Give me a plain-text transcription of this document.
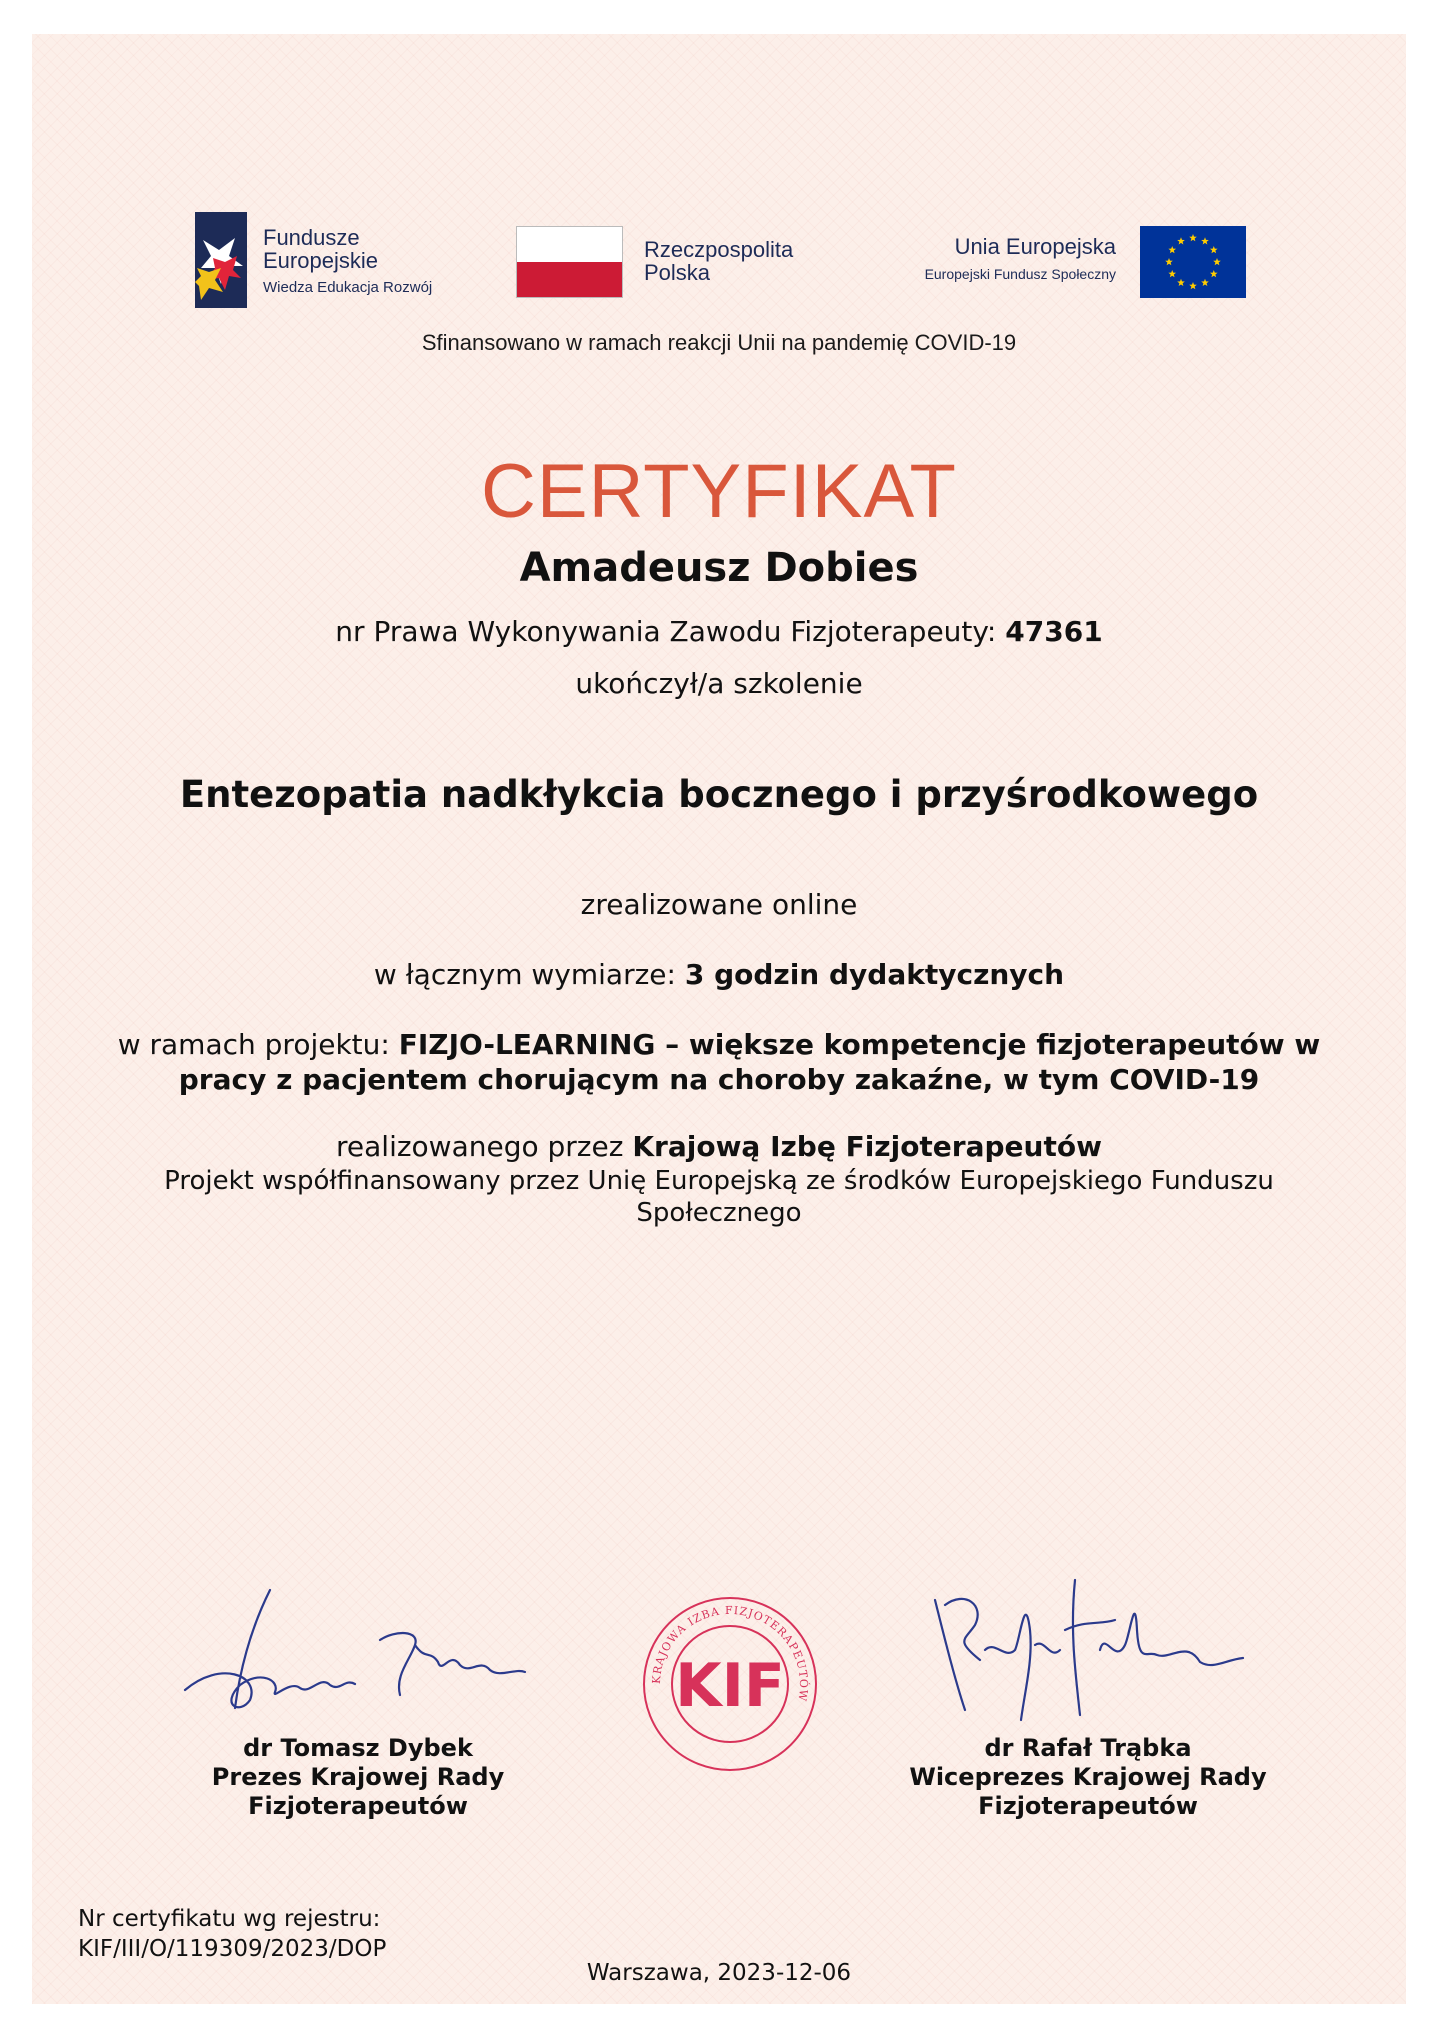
Fundusze
Europejskie
Wiedza Edukacja Rozwój
Rzeczpospolita
Polska
Unia Europejska
Europejski Fundusz Społeczny
Sfinansowano w ramach reakcji Unii na pandemię COVID-19
CERTYFIKAT
Amadeusz Dobies
nr Prawa Wykonywania Zawodu Fizjoterapeuty: 47361
ukończył/a szkolenie
Entezopatia nadkłykcia bocznego i przyśrodkowego
zrealizowane online
w łącznym wymiarze: 3 godzin dydaktycznych
w ramach projektu: FIZJO-LEARNING – większe kompetencje fizjoterapeutów w
pracy z pacjentem chorującym na choroby zakaźne, w tym COVID-19
realizowanego przez Krajową Izbę Fizjoterapeutów
Projekt współfinansowany przez Unię Europejską ze środków Europejskiego Funduszu
Społecznego
KRAJOWA IZBA FIZJOTERAPEUTÓW
KIF
dr Tomasz Dybek
Prezes Krajowej Rady
Fizjoterapeutów
dr Rafał Trąbka
Wiceprezes Krajowej Rady
Fizjoterapeutów
Nr certyfikatu wg rejestru:
KIF/III/O/119309/2023/DOP
Warszawa, 2023-12-06
